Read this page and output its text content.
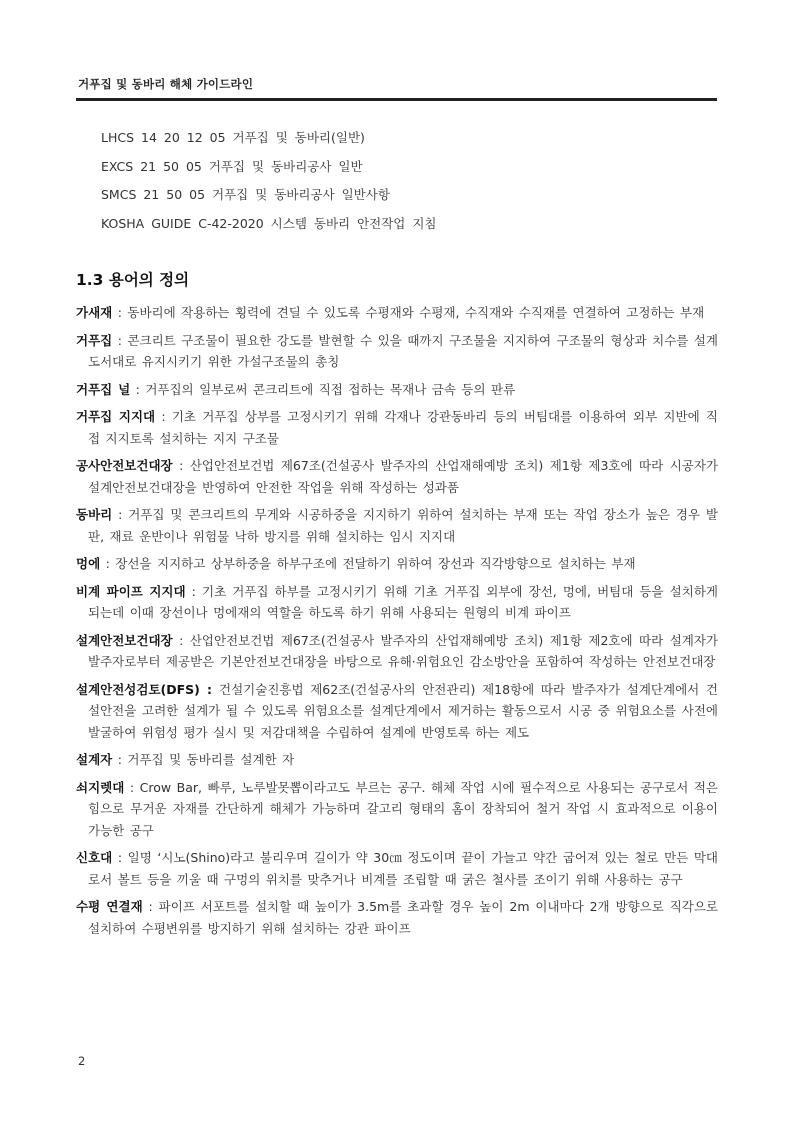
거푸집 및 동바리 해체 가이드라인
LHCS 14 20 12 05 거푸집 및 동바리(일반)
EXCS 21 50 05 거푸집 및 동바리공사 일반
SMCS 21 50 05 거푸집 및 동바리공사 일반사항
KOSHA GUIDE C-42-2020 시스템 동바리 안전작업 지침
1.3 용어의 정의
가새재 : 동바리에 작용하는 횡력에 견딜 수 있도록 수평재와 수평재, 수직재와 수직재를 연결하여 고정하는 부재
거푸집 : 콘크리트 구조물이 필요한 강도를 발현할 수 있을 때까지 구조물을 지지하여 구조물의 형상과 치수를 설계도서대로 유지시키기 위한 가설구조물의 총칭
거푸집 널 : 거푸집의 일부로써 콘크리트에 직접 접하는 목재나 금속 등의 판류
거푸집 지지대 : 기초 거푸집 상부를 고정시키기 위해 각재나 강관동바리 등의 버팀대를 이용하여 외부 지반에 직접 지지토록 설치하는 지지 구조물
공사안전보건대장 : 산업안전보건법 제67조(건설공사 발주자의 산업재해예방 조치) 제1항 제3호에 따라 시공자가 설계안전보건대장을 반영하여 안전한 작업을 위해 작성하는 성과품
동바리 : 거푸집 및 콘크리트의 무게와 시공하중을 지지하기 위하여 설치하는 부재 또는 작업 장소가 높은 경우 발판, 재료 운반이나 위험물 낙하 방지를 위해 설치하는 임시 지지대
멍에 : 장선을 지지하고 상부하중을 하부구조에 전달하기 위하여 장선과 직각방향으로 설치하는 부재
비계 파이프 지지대 : 기초 거푸집 하부를 고정시키기 위해 기초 거푸집 외부에 장선, 멍에, 버팀대 등을 설치하게 되는데 이때 장선이나 멍에재의 역할을 하도록 하기 위해 사용되는 원형의 비계 파이프
설계안전보건대장 : 산업안전보건법 제67조(건설공사 발주자의 산업재해예방 조치) 제1항 제2호에 따라 설계자가 발주자로부터 제공받은 기본안전보건대장을 바탕으로 유해·위험요인 감소방안을 포함하여 작성하는 안전보건대장
설계안전성검토(DFS) : 건설기술진흥법 제62조(건설공사의 안전관리) 제18항에 따라 발주자가 설계단계에서 건설안전을 고려한 설계가 될 수 있도록 위험요소를 설계단계에서 제거하는 활동으로서 시공 중 위험요소를 사전에 발굴하여 위험성 평가 실시 및 저감대책을 수립하여 설계에 반영토록 하는 제도
설계자 : 거푸집 및 동바리를 설계한 자
쇠지렛대 : Crow Bar, 빠루, 노루발못뽑이라고도 부르는 공구. 해체 작업 시에 필수적으로 사용되는 공구로서 적은 힘으로 무거운 자재를 간단하게 해체가 가능하며 갈고리 형태의 홈이 장착되어 철거 작업 시 효과적으로 이용이 가능한 공구
신호대 : 일명 ‘시노(Shino)라고 불리우며 길이가 약 30㎝ 정도이며 끝이 가늘고 약간 굽어져 있는 철로 만든 막대로서 볼트 등을 끼울 때 구멍의 위치를 맞추거나 비계를 조립할 때 굵은 철사를 조이기 위해 사용하는 공구
수평 연결재 : 파이프 서포트를 설치할 때 높이가 3.5m를 초과할 경우 높이 2m 이내마다 2개 방향으로 직각으로 설치하여 수평변위를 방지하기 위해 설치하는 강관 파이프
2
